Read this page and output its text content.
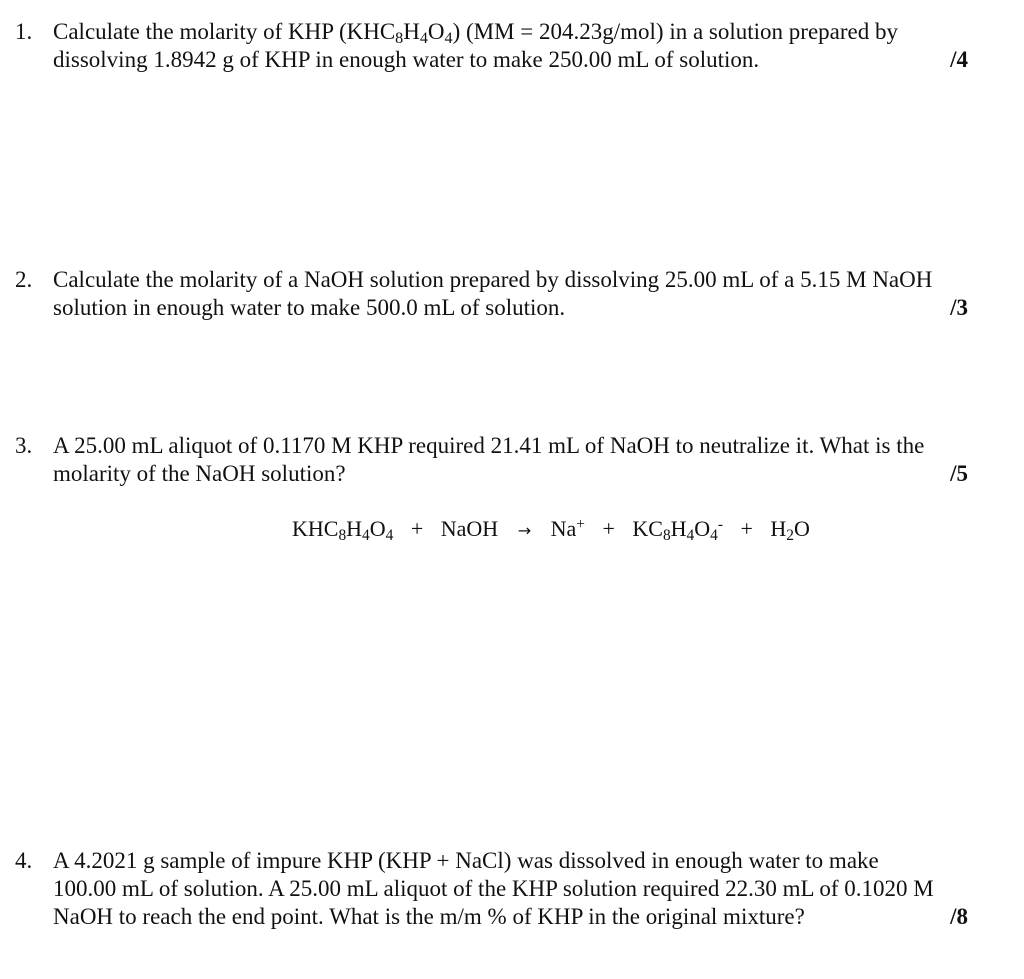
1. Calculate the molarity of KHP $(KHC_8H_4O_4) (MM = 204.23g/mol)$ in a solution prepared by
dissolving 1.8942 g of KHP in enough water to make 250.00 mL of solution.	/4
2. Calculate the molarity of a NaOH solution prepared by dissolving 25.00 mL of a 5.15 M NaOH
solution in enough water to make 500.0 mL of solution.	/3
3. A 25.00 mL aliquot of 0.1170 M KHP required 21.41 mL of NaOH to neutralize it. What is the
molarity of the NaOH solution?	/5
$KHC_8H_4O_4$ + NaOH → $Na^+ + KC_8H_4O_4^- + H_2O$
4. A 4.2021 g sample of impure KHP (KHP + NaCl) was dissolved in enough water to make
100.00 mL of solution. A 25.00 mL aliquot of the KHP solution required 22.30 mL of 0.1020 M
NaOH to reach the end point. What is the m/m % of KHP in the original mixture?	/8
